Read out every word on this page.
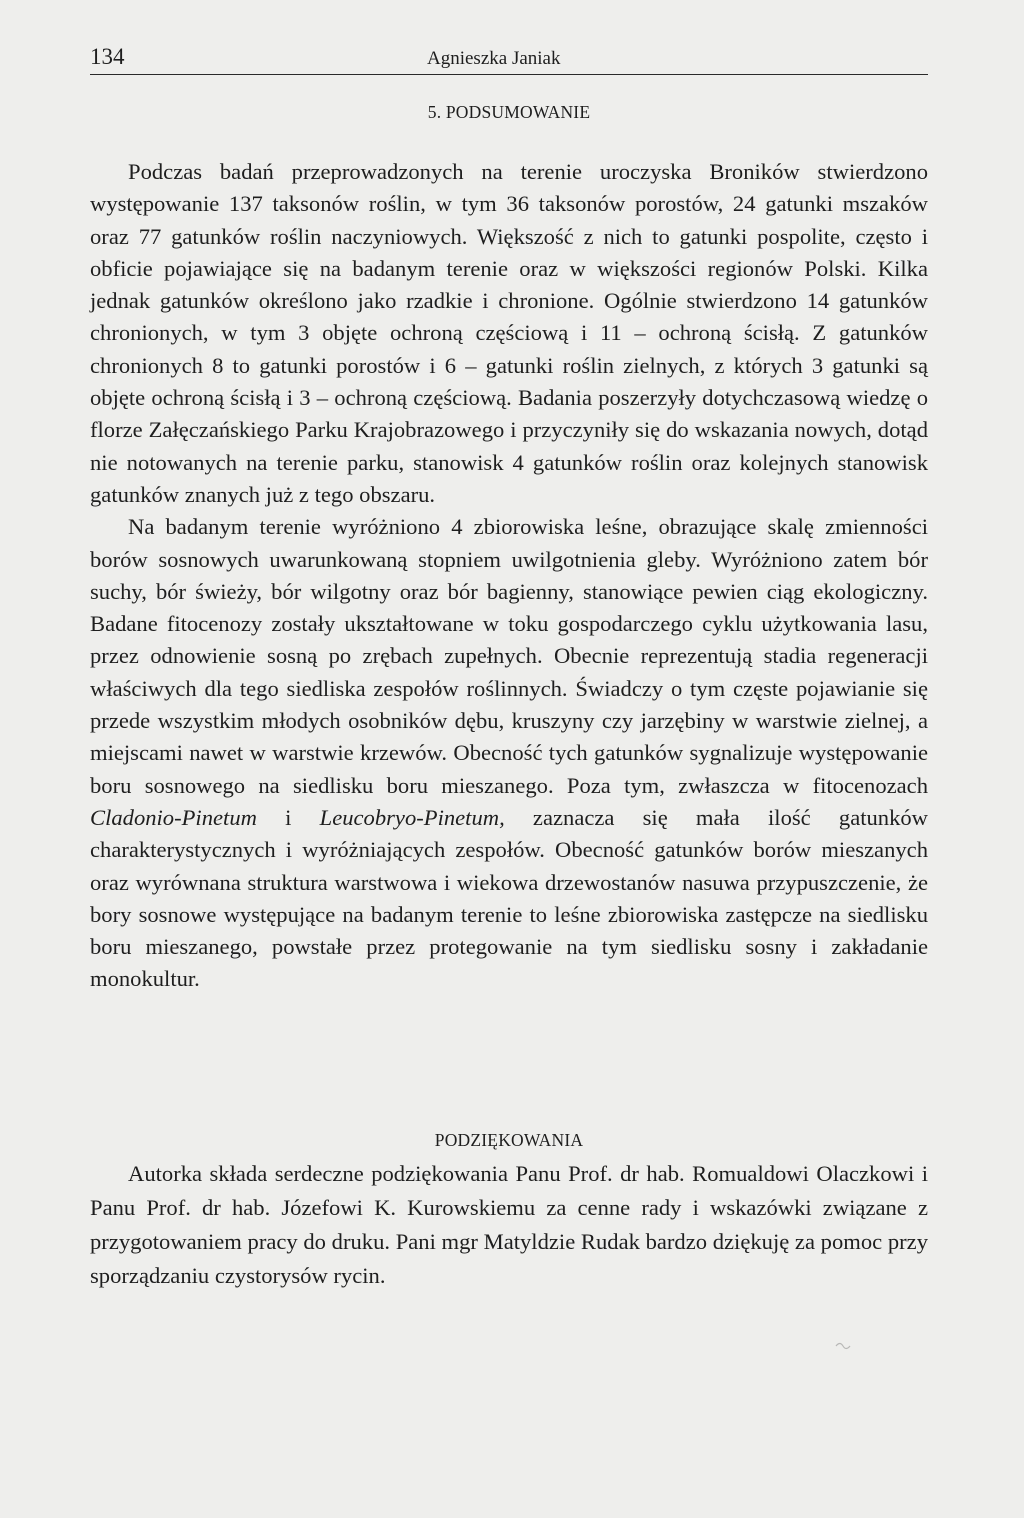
134	Agnieszka Janiak
5. PODSUMOWANIE

Podczas badań przeprowadzonych na terenie uroczyska Broników stwierdzono występowanie 137 taksonów roślin, w tym 36 taksonów porostów, 24 gatunki mszaków oraz 77 gatunków roślin naczyniowych. Większość z nich to gatunki pospolite, często i obficie pojawiające się na badanym terenie oraz w większości regionów Polski. Kilka jednak gatunków określono jako rzadkie i chronione. Ogólnie stwierdzono 14 gatunków chronionych, w tym 3 objęte ochroną częściową i 11 – ochroną ścisłą. Z gatunków chronionych 8 to gatunki porostów i 6 – gatunki roślin zielnych, z których 3 gatunki są objęte ochroną ścisłą i 3 – ochroną częściową. Badania poszerzyły dotychczasową wiedzę o florze Załęczańskiego Parku Krajobrazowego i przyczyniły się do wskazania nowych, dotąd nie notowanych na terenie parku, stanowisk 4 gatunków roślin oraz kolejnych stanowisk gatunków znanych już z tego obszaru.

Na badanym terenie wyróżniono 4 zbiorowiska leśne, obrazujące skalę zmienności borów sosnowych uwarunkowaną stopniem uwilgotnienia gleby. Wyróżniono zatem bór suchy, bór świeży, bór wilgotny oraz bór bagienny, stanowiące pewien ciąg ekologiczny. Badane fitocenozy zostały ukształtowane w toku gospodarczego cyklu użytkowania lasu, przez odnowienie sosną po zrębach zupełnych. Obecnie reprezentują stadia regeneracji właściwych dla tego siedliska zespołów roślinnych. Świadczy o tym częste pojawianie się przede wszystkim młodych osobników dębu, kruszyny czy jarzębiny w warstwie zielnej, a miejscami nawet w warstwie krzewów. Obecność tych gatunków sygnalizuje występowanie boru sosnowego na siedlisku boru mieszanego. Poza tym, zwłaszcza w fitocenozach Cladonio-Pinetum i Leucobryo-Pinetum, zaznacza się mała ilość gatunków charakterystycznych i wyróżniających zespołów. Obecność gatunków borów mieszanych oraz wyrównana struktura warstwowa i wiekowa drzewostanów nasuwa przypuszczenie, że bory sosnowe występujące na badanym terenie to leśne zbiorowiska zastępcze na siedlisku boru mieszanego, powstałe przez protegowanie na tym siedlisku sosny i zakładanie monokultur.

PODZIĘKOWANIA

Autorka składa serdeczne podziękowania Panu Prof. dr hab. Romualdowi Olaczkowi i Panu Prof. dr hab. Józefowi K. Kurowskiemu za cenne rady i wskazówki związane z przygotowaniem pracy do druku. Pani mgr Matyldzie Rudak bardzo dziękuję za pomoc przy sporządzaniu czystorysów rycin.
